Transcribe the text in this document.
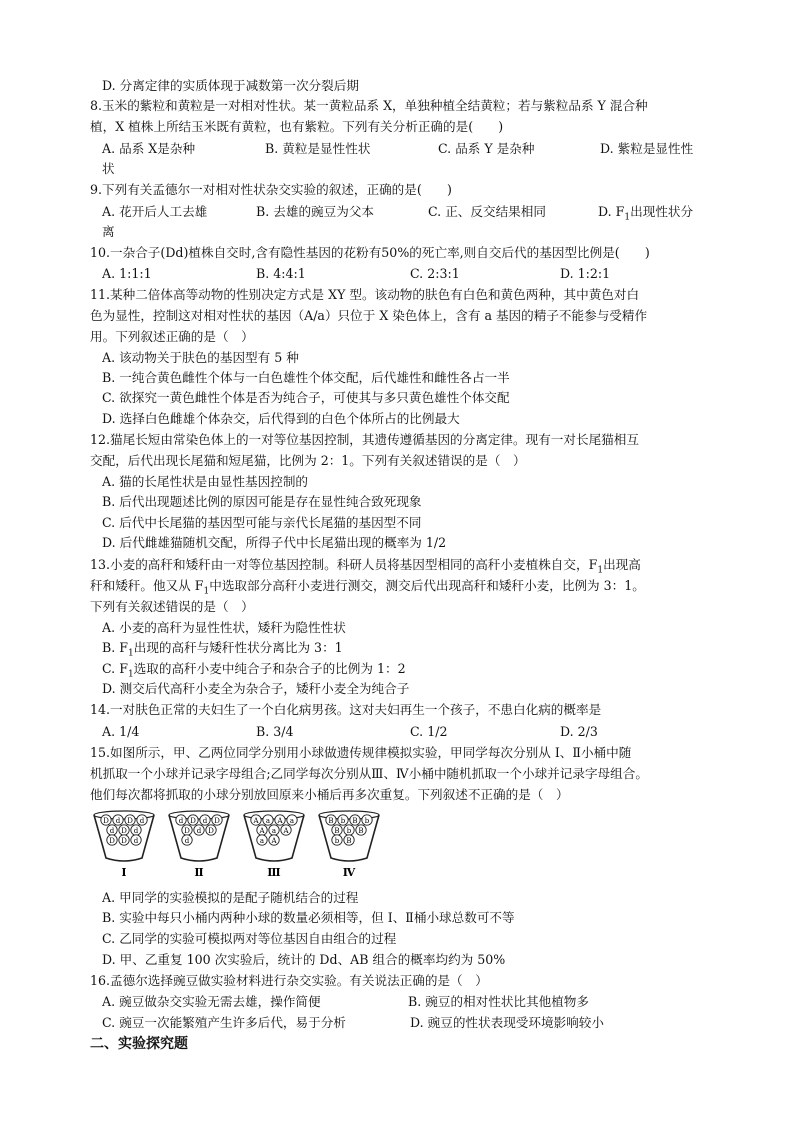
D. 分离定律的实质体现于减数第一次分裂后期
8.玉米的紫粒和黄粒是一对相对性状。某一黄粒品系 X，单独种植全结黄粒；若与紫粒品系 Y 混合种
植，X 植株上所结玉米既有黄粒，也有紫粒。下列有关分析正确的是(　　)
A. 品系 X是杂种	B. 黄粒是显性性状	C. 品系 Y 是杂种	D. 紫粒是显性性
状
9.下列有关孟德尔一对相对性状杂交实验的叙述，正确的是(　　)
A. 花开后人工去雄	B. 去雄的豌豆为父本	C. 正、反交结果相同	D. $F_1$出现性状分
离
10.一杂合子(Dd)植株自交时,含有隐性基因的花粉有50%的死亡率,则自交后代的基因型比例是(　　)
A. 1:1:1	B. 4:4:1	C. 2:3:1	D. 1:2:1
11.某种二倍体高等动物的性别决定方式是 XY 型。该动物的肤色有白色和黄色两种，其中黄色对白
色为显性，控制这对相对性状的基因（A/a）只位于 X 染色体上，含有 a 基因的精子不能参与受精作
用。下列叙述正确的是（　）
A. 该动物关于肤色的基因型有 5 种
B. 一纯合黄色雌性个体与一白色雄性个体交配，后代雄性和雌性各占一半
C. 欲探究一黄色雌性个体是否为纯合子，可使其与多只黄色雄性个体交配
D. 选择白色雌雄个体杂交，后代得到的白色个体所占的比例最大
12.猫尾长短由常染色体上的一对等位基因控制，其遗传遵循基因的分离定律。现有一对长尾猫相互
交配，后代出现长尾猫和短尾猫，比例为 2：1。下列有关叙述错误的是（　）
A. 猫的长尾性状是由显性基因控制的
B. 后代出现题述比例的原因可能是存在显性纯合致死现象
C. 后代中长尾猫的基因型可能与亲代长尾猫的基因型不同
D. 后代雌雄猫随机交配，所得子代中长尾猫出现的概率为 1/2
13.小麦的高秆和矮秆由一对等位基因控制。科研人员将基因型相同的高秆小麦植株自交，$F_1$出现高
秆和矮秆。他又从 $F_1$中选取部分高秆小麦进行测交，测交后代出现高秆和矮秆小麦，比例为 3：1。
下列有关叙述错误的是（　）
A. 小麦的高秆为显性性状，矮秆为隐性性状
B. $F_1$出现的高秆与矮秆性状分离比为 3：1
C. $F_1$选取的高秆小麦中纯合子和杂合子的比例为 1：2
D. 测交后代高秆小麦全为杂合子，矮秆小麦全为纯合子
14.一对肤色正常的夫妇生了一个白化病男孩。这对夫妇再生一个孩子，不患白化病的概率是
A. 1/4	B. 3/4	C. 1/2	D. 2/3
15.如图所示，甲、乙两位同学分别用小球做遗传规律模拟实验，甲同学每次分别从 Ⅰ、Ⅱ小桶中随
机抓取一个小球并记录字母组合;乙同学每次分别从Ⅲ、Ⅳ小桶中随机抓取一个小球并记录字母组合。
他们每次都将抓取的小球分别放回原来小桶后再多次重复。下列叙述不正确的是（　）
D d D d
d D d
D D d
Ⅰ
d D d D
D d D
d
Ⅱ
A a A a
A a A
a A
Ⅲ
B b B b
B b B
b B
Ⅳ
A. 甲同学的实验模拟的是配子随机结合的过程
B. 实验中每只小桶内两种小球的数量必须相等，但 Ⅰ、Ⅱ桶小球总数可不等
C. 乙同学的实验可模拟两对等位基因自由组合的过程
D. 甲、乙重复 100 次实验后，统计的 Dd、AB 组合的概率均约为 50%
16.孟德尔选择豌豆做实验材料进行杂交实验。有关说法正确的是（　）
A. 豌豆做杂交实验无需去雄，操作简便	B. 豌豆的相对性状比其他植物多
C. 豌豆一次能繁殖产生许多后代，易于分析	D. 豌豆的性状表现受环境影响较小
二、实验探究题
